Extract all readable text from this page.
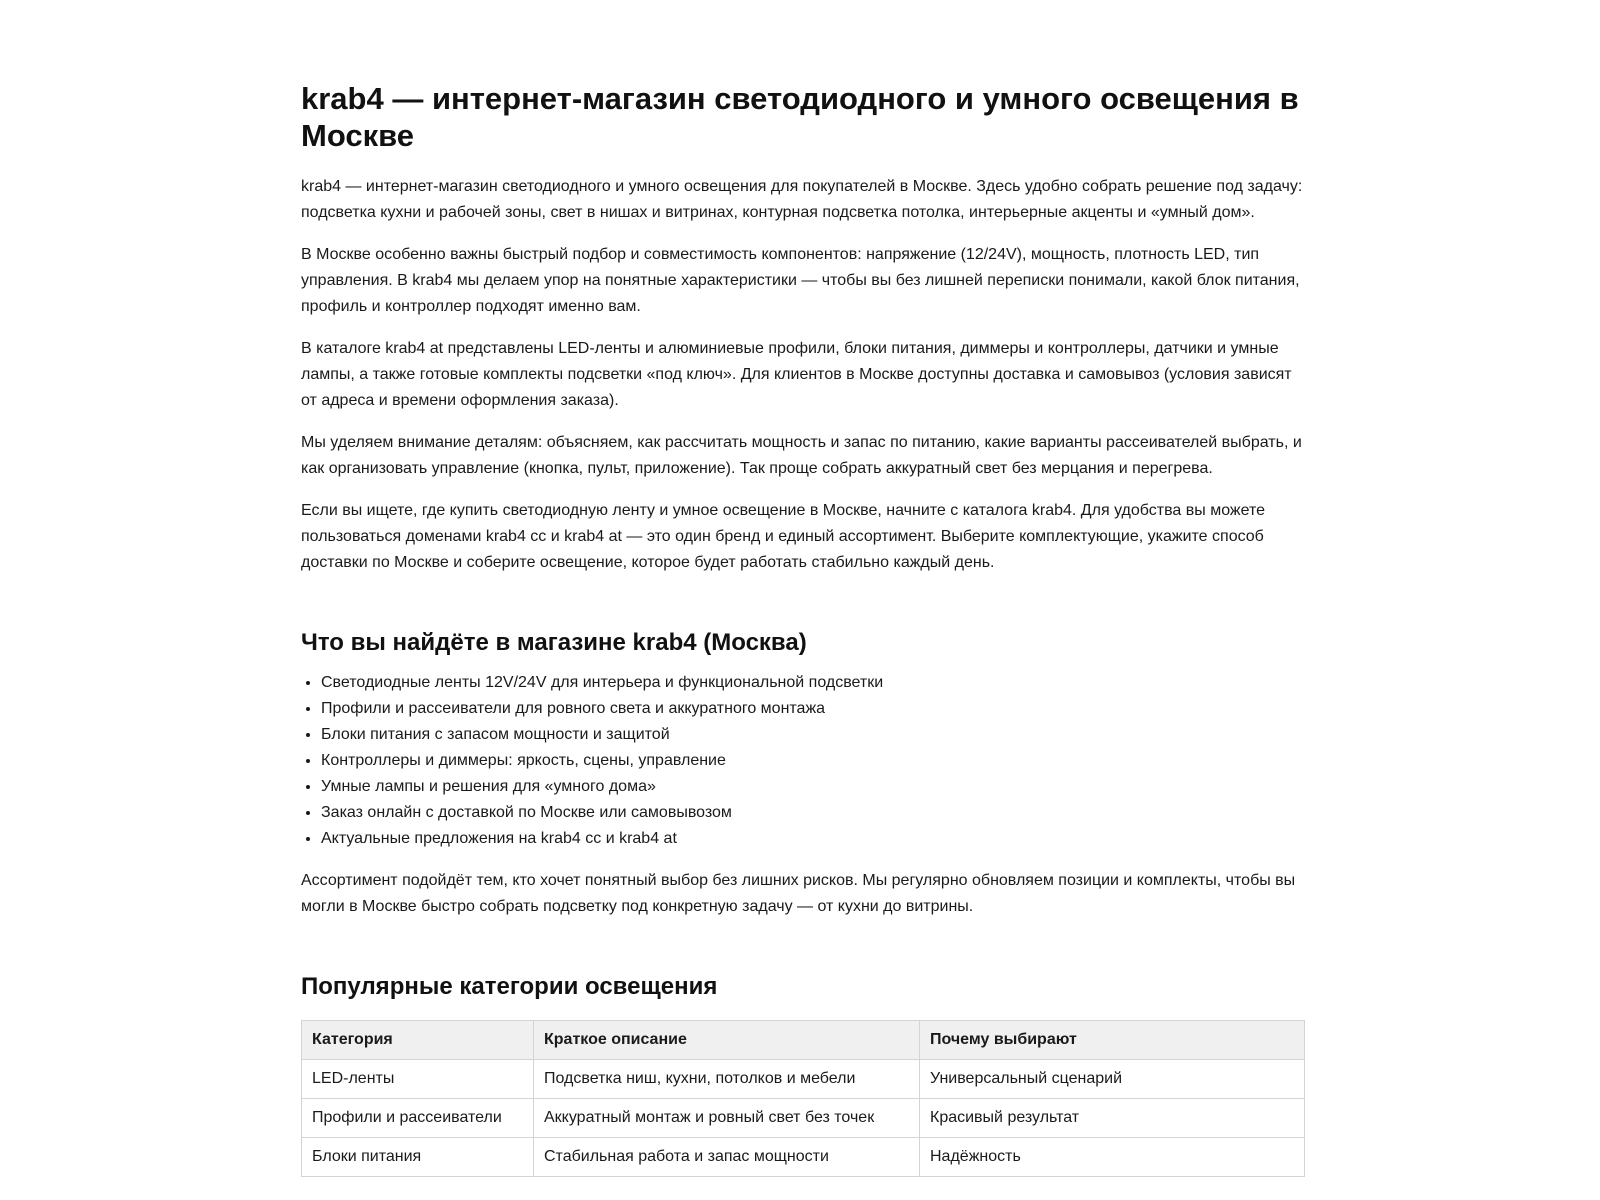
krab4 — интернет-магазин светодиодного и умного освещения в Москве

krab4 — интернет-магазин светодиодного и умного освещения для покупателей в Москве. Здесь удобно собрать решение под задачу: подсветка кухни и рабочей зоны, свет в нишах и витринах, контурная подсветка потолка, интерьерные акценты и «умный дом».

В Москве особенно важны быстрый подбор и совместимость компонентов: напряжение (12/24V), мощность, плотность LED, тип управления. В krab4 мы делаем упор на понятные характеристики — чтобы вы без лишней переписки понимали, какой блок питания, профиль и контроллер подходят именно вам.

В каталоге krab4 at представлены LED-ленты и алюминиевые профили, блоки питания, диммеры и контроллеры, датчики и умные лампы, а также готовые комплекты подсветки «под ключ». Для клиентов в Москве доступны доставка и самовывоз (условия зависят от адреса и времени оформления заказа).

Мы уделяем внимание деталям: объясняем, как рассчитать мощность и запас по питанию, какие варианты рассеивателей выбрать, и как организовать управление (кнопка, пульт, приложение). Так проще собрать аккуратный свет без мерцания и перегрева.

Если вы ищете, где купить светодиодную ленту и умное освещение в Москве, начните с каталога krab4. Для удобства вы можете пользоваться доменами krab4 cc и krab4 at — это один бренд и единый ассортимент. Выберите комплектующие, укажите способ доставки по Москве и соберите освещение, которое будет работать стабильно каждый день.

Что вы найдёте в магазине krab4 (Москва)
• Светодиодные ленты 12V/24V для интерьера и функциональной подсветки
• Профили и рассеиватели для ровного света и аккуратного монтажа
• Блоки питания с запасом мощности и защитой
• Контроллеры и диммеры: яркость, сцены, управление
• Умные лампы и решения для «умного дома»
• Заказ онлайн с доставкой по Москве или самовывозом
• Актуальные предложения на krab4 cc и krab4 at

Ассортимент подойдёт тем, кто хочет понятный выбор без лишних рисков. Мы регулярно обновляем позиции и комплекты, чтобы вы могли в Москве быстро собрать подсветку под конкретную задачу — от кухни до витрины.

Популярные категории освещения
Категория	Краткое описание	Почему выбирают
LED-ленты	Подсветка ниш, кухни, потолков и мебели	Универсальный сценарий
Профили и рассеиватели	Аккуратный монтаж и ровный свет без точек	Красивый результат
Блоки питания	Стабильная работа и запас мощности	Надёжность
